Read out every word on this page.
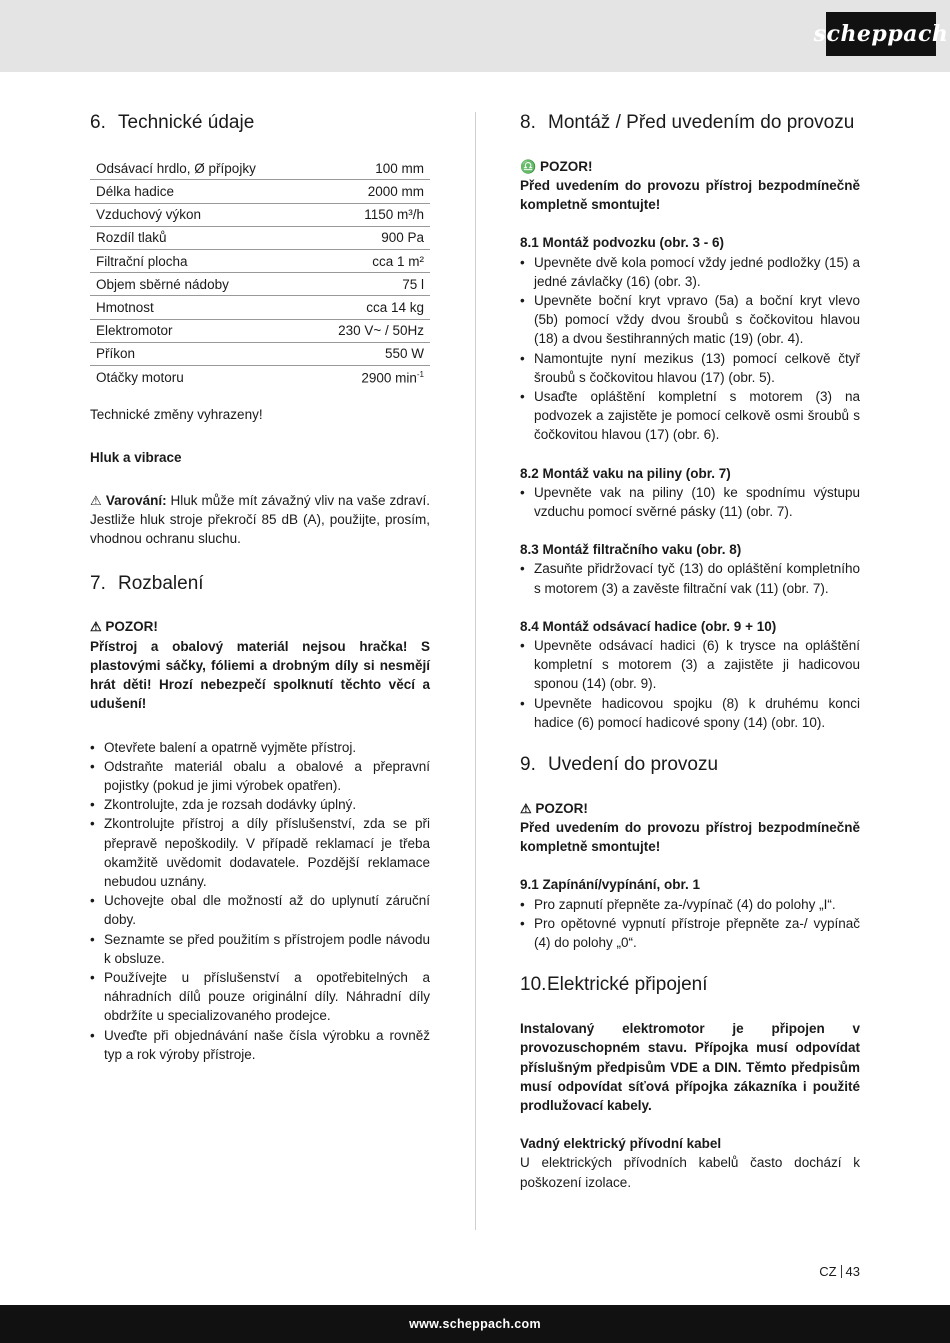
scheppach
6. Technické údaje
Odsávací hrdlo, Ø přípojky	100 mm
Délka hadice	2000 mm
Vzduchový výkon	1150 m³/h
Rozdíl tlaků	900 Pa
Filtrační plocha	cca 1 m²
Objem sběrné nádoby	75 l
Hmotnost	cca 14 kg
Elektromotor	230 V~ / 50Hz
Příkon	550 W
Otáčky motoru	2900 $\min^{-1}$

Technické změny vyhrazeny!

Hluk a vibrace

⚠ Varování: Hluk může mít závažný vliv na vaše zdraví. Jestliže hluk stroje překročí 85 dB (A), použijte, prosím, vhodnou ochranu sluchu.

7. Rozbalení

⚠ POZOR!

Přístroj a obalový materiál nejsou hračka! S plastovými sáčky, fóliemi a drobným díly si nesmějí hrát děti! Hrozí nebezpečí spolknutí těchto věcí a udušení!

• Otevřete balení a opatrně vyjměte přístroj.
• Odstraňte materiál obalu a obalové a přepravní pojistky (pokud je jimi výrobek opatřen).
• Zkontrolujte, zda je rozsah dodávky úplný.
• Zkontrolujte přístroj a díly příslušenství, zda se při přepravě nepoškodily. V případě reklamací je třeba okamžitě uvědomit dodavatele. Pozdější reklamace nebudou uznány.
• Uchovejte obal dle možností až do uplynutí záruční doby.
• Seznamte se před použitím s přístrojem podle návodu k obsluze.
• Používejte u příslušenství a opotřebitelných a náhradních dílů pouze originální díly. Náhradní díly obdržíte u specializovaného prodejce.
• Uveďte při objednávání naše čísla výrobku a rovněž typ a rok výroby přístroje.
8. Montáž / Před uvedením do provozu

♎ POZOR!

Před uvedením do provozu přístroj bezpodmínečně kompletně smontujte!

8.1 Montáž podvozku (obr. 3 - 6)

• Upevněte dvě kola pomocí vždy jedné podložky (15) a jedné závlačky (16) (obr. 3).
• Upevněte boční kryt vpravo (5a) a boční kryt vlevo (5b) pomocí vždy dvou šroubů s čočkovitou hlavou (18) a dvou šestihranných matic (19) (obr. 4).
• Namontujte nyní mezikus (13) pomocí celkově čtyř šroubů s čočkovitou hlavou (17) (obr. 5).
• Usaďte opláštění kompletní s motorem (3) na podvozek a zajistěte je pomocí celkově osmi šroubů s čočkovitou hlavou (17) (obr. 6).

8.2 Montáž vaku na piliny (obr. 7)

• Upevněte vak na piliny (10) ke spodnímu výstupu vzduchu pomocí svěrné pásky (11) (obr. 7).

8.3 Montáž filtračního vaku (obr. 8)

• Zasuňte přidržovací tyč (13) do opláštění kompletního s motorem (3) a zavěste filtrační vak (11) (obr. 7).

8.4 Montáž odsávací hadice (obr. 9 + 10)

• Upevněte odsávací hadici (6) k trysce na opláštění kompletní s motorem (3) a zajistěte ji hadicovou sponou (14) (obr. 9).
• Upevněte hadicovou spojku (8) k druhému konci hadice (6) pomocí hadicové spony (14) (obr. 10).
9. Uvedení do provozu

⚠ POZOR!

Před uvedením do provozu přístroj bezpodmínečně kompletně smontujte!

9.1 Zapínání/vypínání, obr. 1

• Pro zapnutí přepněte za-/vypínač (4) do polohy „I“.
• Pro opětovné vypnutí přístroje přepněte za-/ vypínač (4) do polohy „0“.
10. Elektrické připojení

Instalovaný elektromotor je připojen v provozuschopném stavu. Přípojka musí odpovídat příslušným předpisům VDE a DIN. Těmto předpisům musí odpovídat síťová přípojka zákazníka i použité prodlužovací kabely.

Vadný elektrický přívodní kabel

U elektrických přívodních kabelů často dochází k poškození izolace.

CZ 43
www.scheppach.com
